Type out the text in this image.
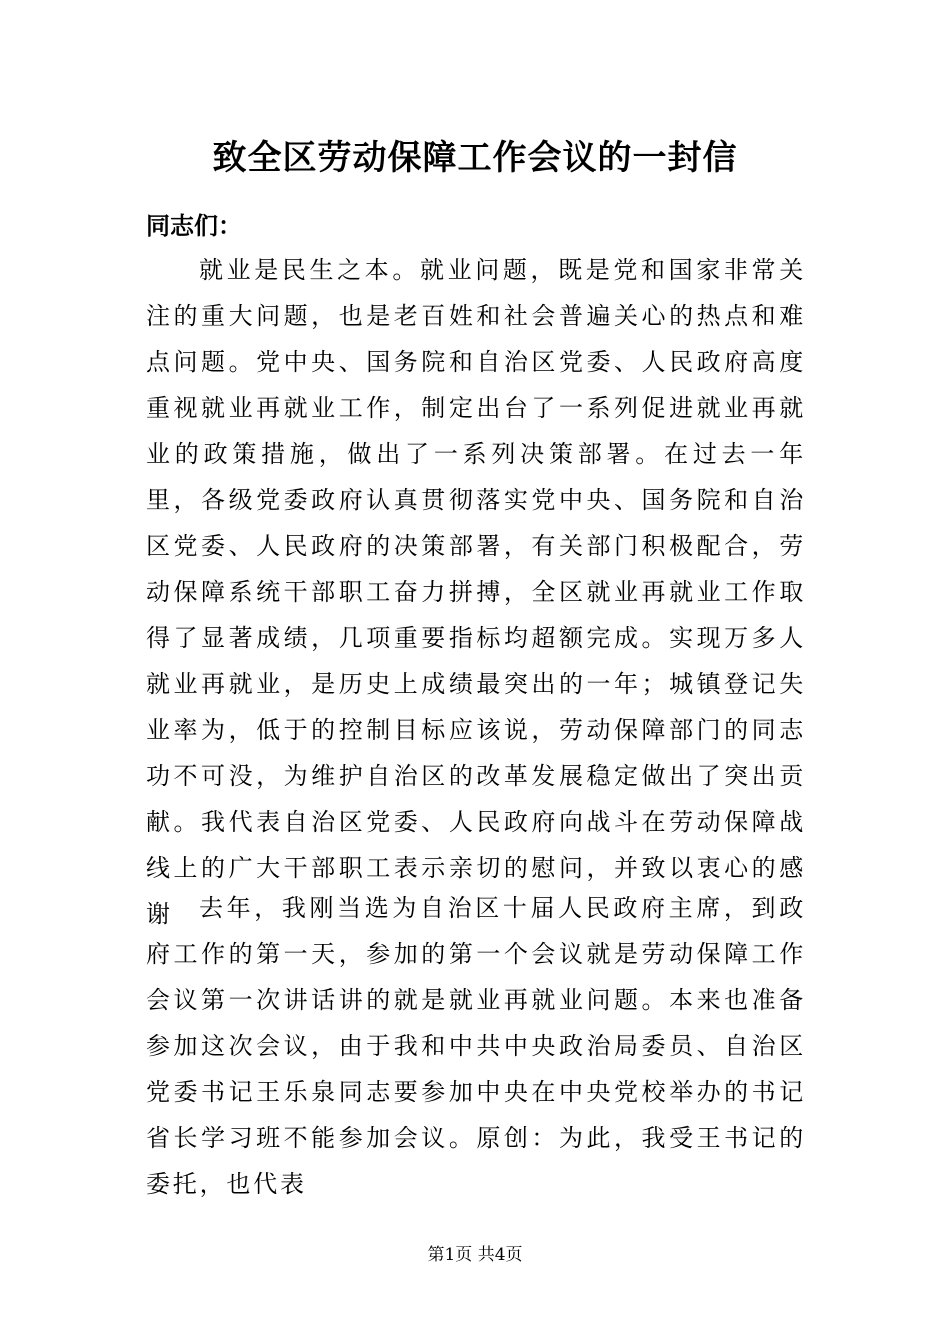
致全区劳动保障工作会议的一封信

同志们：

就业是民生之本。就业问题，既是党和国家非常关注的重大问题，也是老百姓和社会普遍关心的热点和难点问题。党中央、国务院和自治区党委、人民政府高度重视就业再就业工作，制定出台了一系列促进就业再就业的政策措施，做出了一系列决策部署。在过去一年里，各级党委政府认真贯彻落实党中央、国务院和自治区党委、人民政府的决策部署，有关部门积极配合，劳动保障系统干部职工奋力拼搏，全区就业再就业工作取得了显著成绩，几项重要指标均超额完成。实现万多人就业再就业，是历史上成绩最突出的一年；城镇登记失业率为，低于的控制目标应该说，劳动保障部门的同志功不可没，为维护自治区的改革发展稳定做出了突出贡献。我代表自治区党委、人民政府向战斗在劳动保障战线上的广大干部职工表示亲切的慰问，并致以衷心的感谢	去年，我刚当选为自治区十届人民政府主席，到政府工作的第一天，参加的第一个会议就是劳动保障工作会议第一次讲话讲的就是就业再就业问题。本来也准备参加这次会议，由于我和中共中央政治局委员、自治区党委书记王乐泉同志要参加中央在中央党校举办的书记省长学习班不能参加会议。原创：为此，我受王书记的委托，也代表

第1页 共4页
